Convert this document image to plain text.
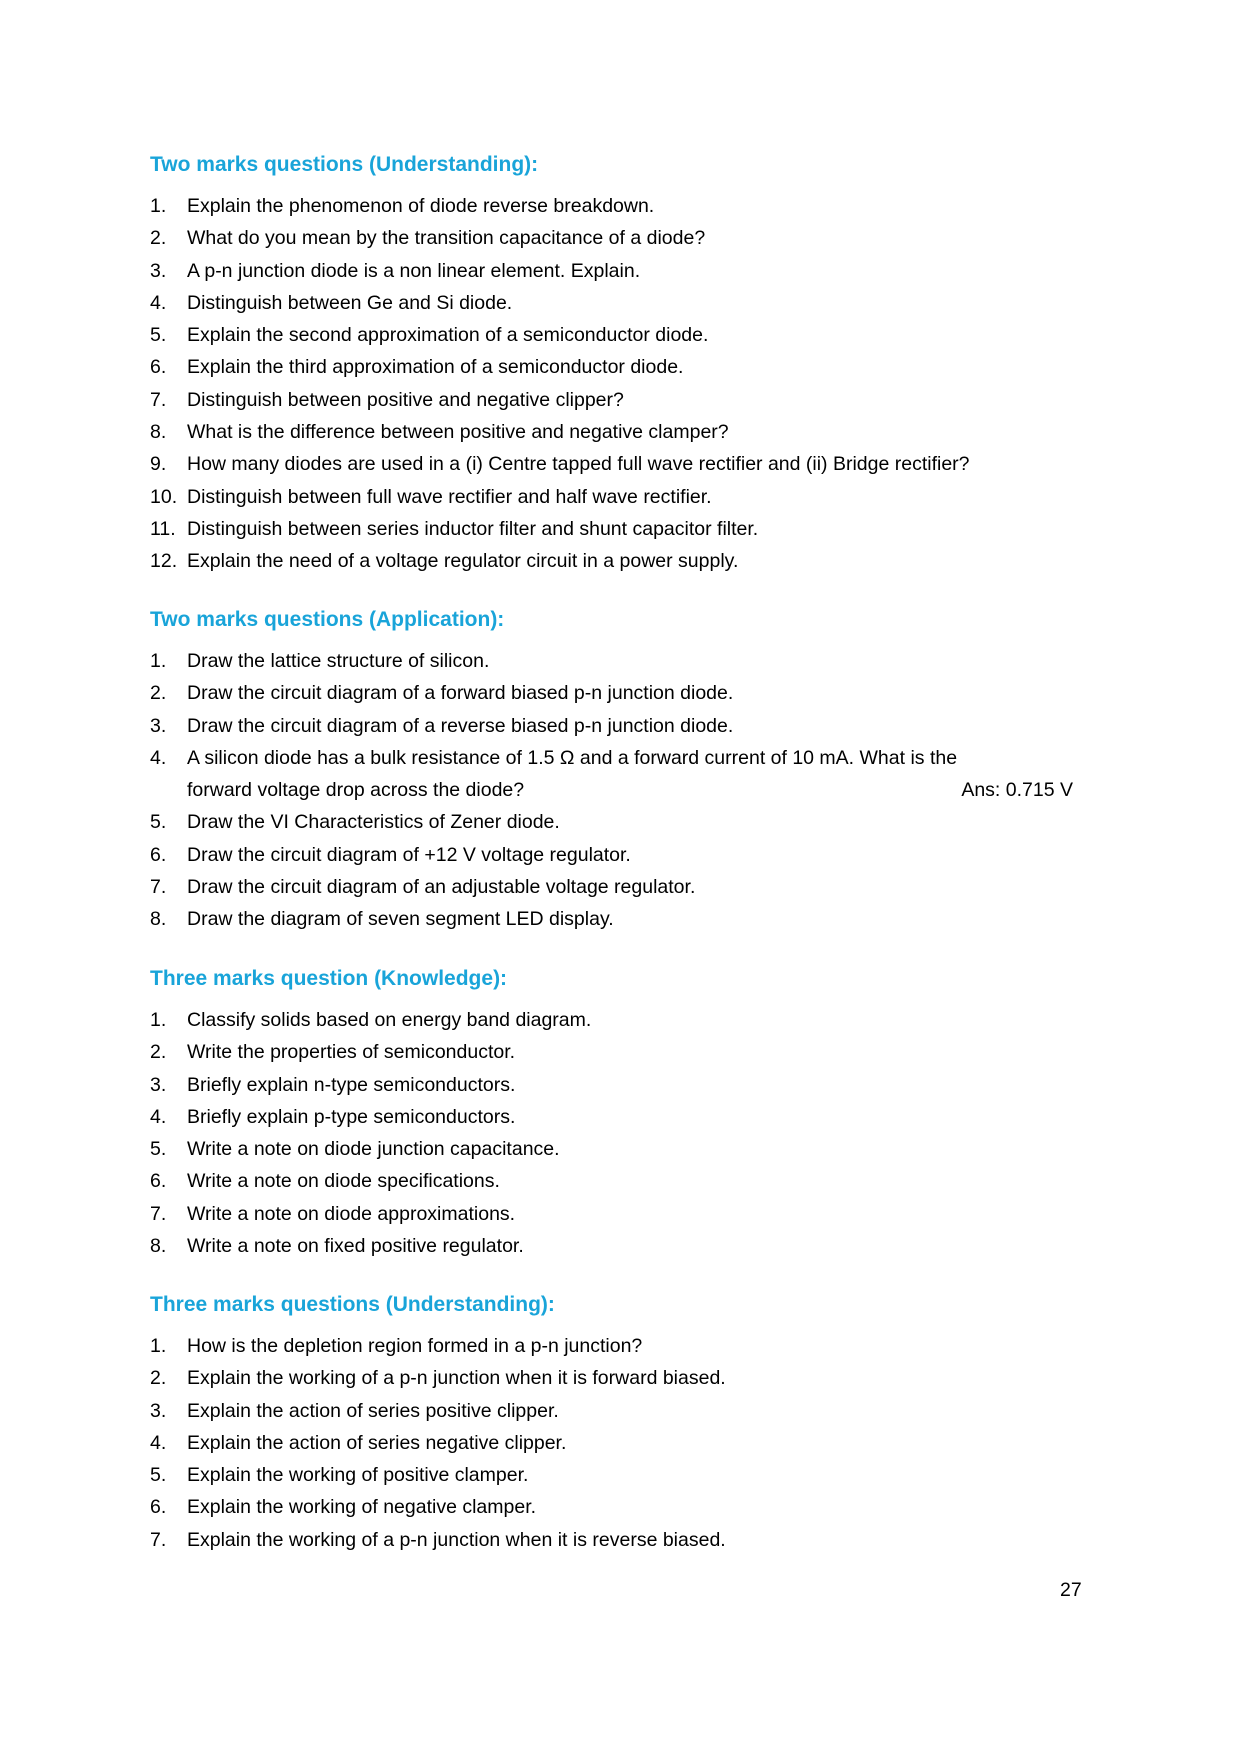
Two marks questions (Understanding):
1. Explain the phenomenon of diode reverse breakdown.
2. What do you mean by the transition capacitance of a diode?
3. A p-n junction diode is a non linear element. Explain.
4. Distinguish between Ge and Si diode.
5. Explain the second approximation of a semiconductor diode.
6. Explain the third approximation of a semiconductor diode.
7. Distinguish between positive and negative clipper?
8. What is the difference between positive and negative clamper?
9. How many diodes are used in a (i) Centre tapped full wave rectifier and (ii) Bridge rectifier?
10. Distinguish between full wave rectifier and half wave rectifier.
11. Distinguish between series inductor filter and shunt capacitor filter.
12. Explain the need of a voltage regulator circuit in a power supply.
Two marks questions (Application):
1. Draw the lattice structure of silicon.
2. Draw the circuit diagram of a forward biased p-n junction diode.
3. Draw the circuit diagram of a reverse biased p-n junction diode.
4. A silicon diode has a bulk resistance of 1.5 Ω and a forward current of 10 mA. What is the
forward voltage drop across the diode?	Ans: 0.715 V
5. Draw the VI Characteristics of Zener diode.
6. Draw the circuit diagram of +12 V voltage regulator.
7. Draw the circuit diagram of an adjustable voltage regulator.
8. Draw the diagram of seven segment LED display.
Three marks question (Knowledge):
1. Classify solids based on energy band diagram.
2. Write the properties of semiconductor.
3. Briefly explain n-type semiconductors.
4. Briefly explain p-type semiconductors.
5. Write a note on diode junction capacitance.
6. Write a note on diode specifications.
7. Write a note on diode approximations.
8. Write a note on fixed positive regulator.
Three marks questions (Understanding):
1. How is the depletion region formed in a p-n junction?
2. Explain the working of a p-n junction when it is forward biased.
3. Explain the action of series positive clipper.
4. Explain the action of series negative clipper.
5. Explain the working of positive clamper.
6. Explain the working of negative clamper.
7. Explain the working of a p-n junction when it is reverse biased.
27
